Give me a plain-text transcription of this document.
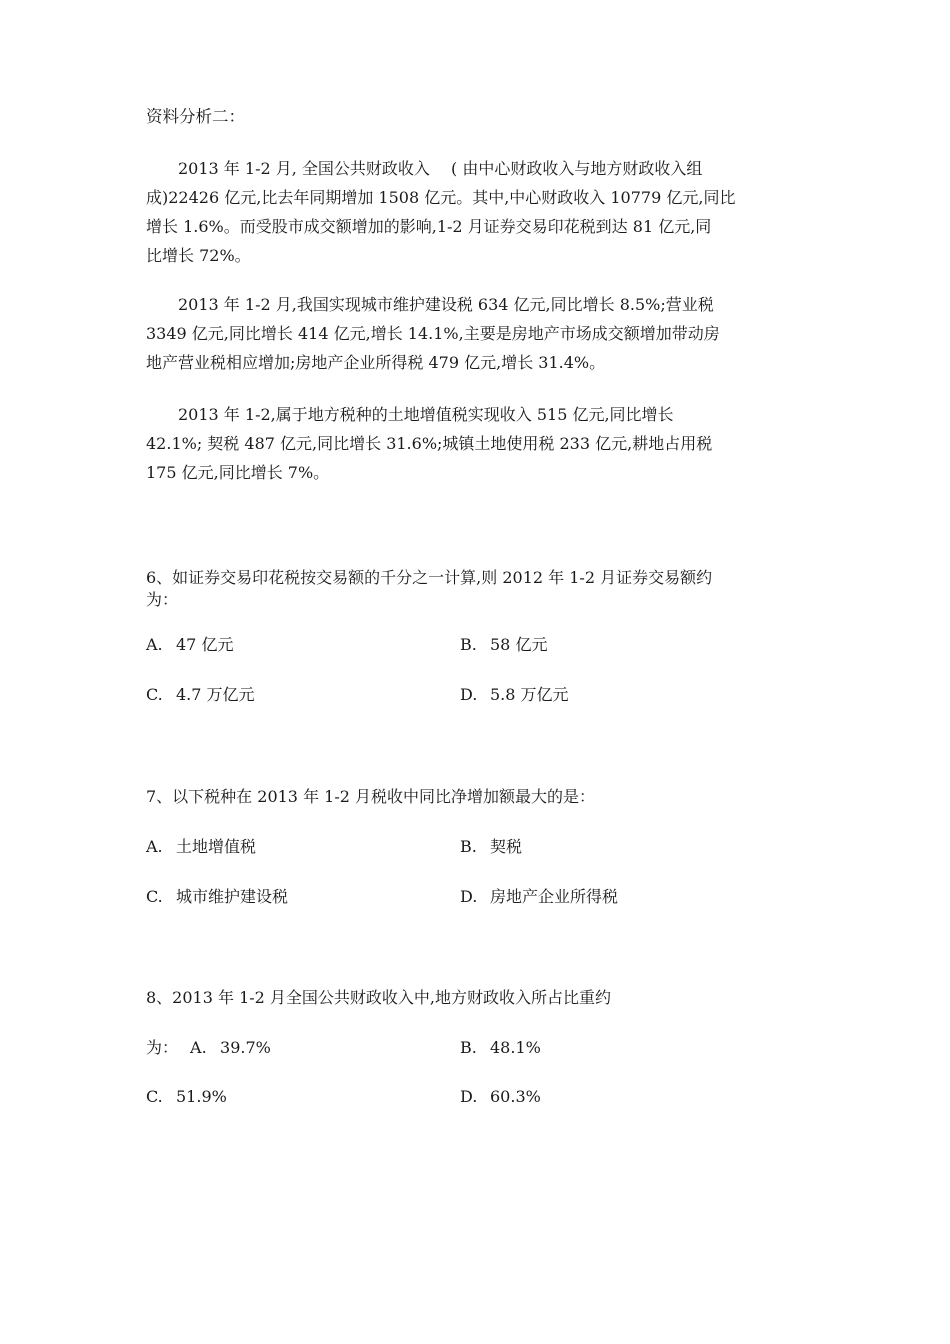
资料分析二：
　　2013 年 1-2 月, 全国公共财政收入　 ( 由中心财政收入与地方财政收入组
成)22426 亿元,比去年同期增加 1508 亿元。其中,中心财政收入 10779 亿元,同比
增长 1.6%。而受股市成交额增加的影响,1-2 月证券交易印花税到达 81 亿元,同
比增长 72%。
　　2013 年 1-2 月,我国实现城市维护建设税 634 亿元,同比增长 8.5%;营业税
3349 亿元,同比增长 414 亿元,增长 14.1%,主要是房地产市场成交额增加带动房
地产营业税相应增加;房地产企业所得税 479 亿元,增长 31.4%。
　　2013 年 1-2,属于地方税种的土地增值税实现收入 515 亿元,同比增长
42.1%; 契税 487 亿元,同比增长 31.6%;城镇土地使用税 233 亿元,耕地占用税
175 亿元,同比增长 7%。
6、如证券交易印花税按交易额的千分之一计算,则 2012 年 1-2 月证券交易额约
为：
A. 47 亿元	B. 58 亿元
C. 4.7 万亿元	D. 5.8 万亿元
7、以下税种在 2013 年 1-2 月税收中同比净增加额最大的是：
A. 土地增值税	B. 契税
C. 城市维护建设税	D. 房地产企业所得税
8、2013 年 1-2 月全国公共财政收入中,地方财政收入所占比重约
为： A. 39.7%	B. 48.1%
C. 51.9%	D. 60.3%
